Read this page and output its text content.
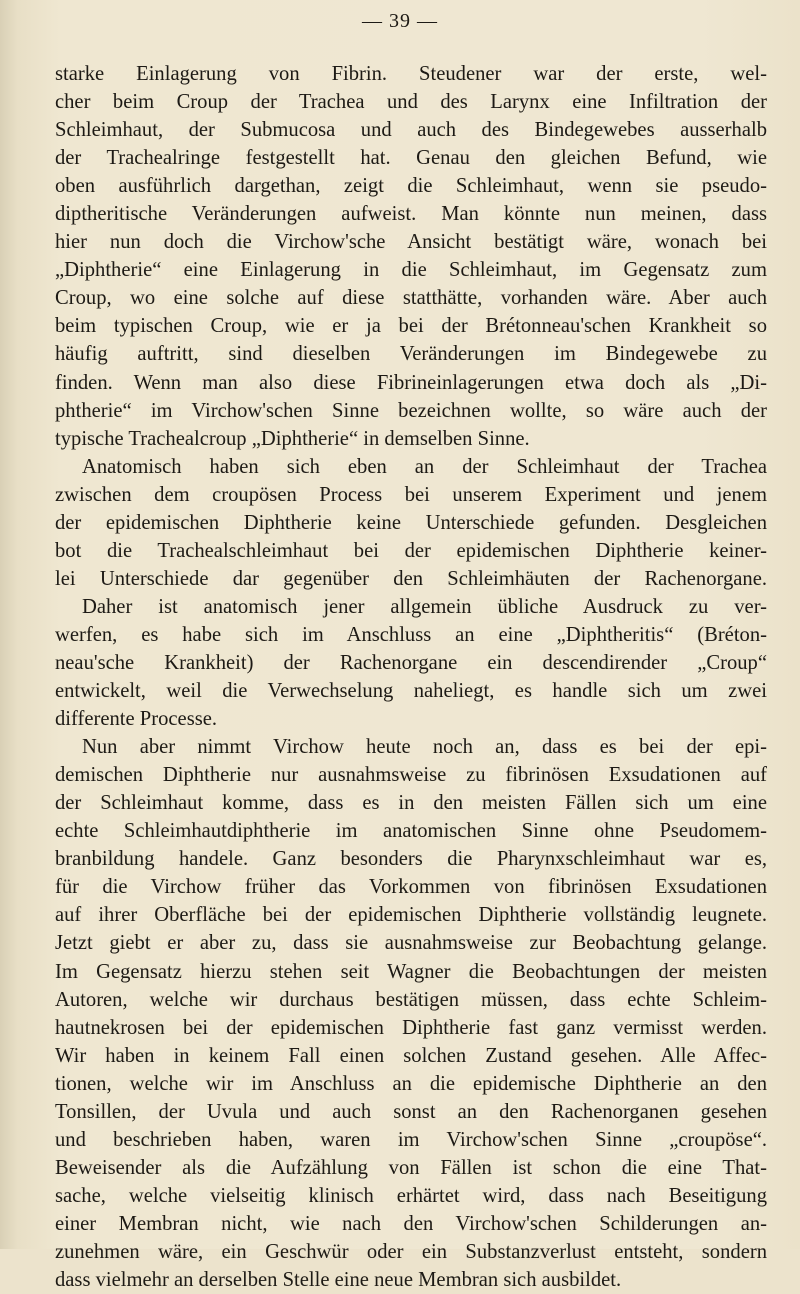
— 39 —
starke Einlagerung von Fibrin. Steudener war der erste, wel-
cher beim Croup der Trachea und des Larynx eine Infiltration der
Schleimhaut, der Submucosa und auch des Bindegewebes ausserhalb
der Trachealringe festgestellt hat. Genau den gleichen Befund, wie
oben ausführlich dargethan, zeigt die Schleimhaut, wenn sie pseudo-
diptheritische Veränderungen aufweist. Man könnte nun meinen, dass
hier nun doch die Virchow'sche Ansicht bestätigt wäre, wonach bei
„Diphtherie“ eine Einlagerung in die Schleimhaut, im Gegensatz zum
Croup, wo eine solche auf diese statthätte, vorhanden wäre. Aber auch
beim typischen Croup, wie er ja bei der Brétonneau'schen Krankheit so
häufig auftritt, sind dieselben Veränderungen im Bindegewebe zu
finden. Wenn man also diese Fibrineinlagerungen etwa doch als „Di-
phtherie“ im Virchow'schen Sinne bezeichnen wollte, so wäre auch der
typische Trachealcroup „Diphtherie“ in demselben Sinne.
Anatomisch haben sich eben an der Schleimhaut der Trachea
zwischen dem croupösen Process bei unserem Experiment und jenem
der epidemischen Diphtherie keine Unterschiede gefunden. Desgleichen
bot die Trachealschleimhaut bei der epidemischen Diphtherie keiner-
lei Unterschiede dar gegenüber den Schleimhäuten der Rachenorgane.
Daher ist anatomisch jener allgemein übliche Ausdruck zu ver-
werfen, es habe sich im Anschluss an eine „Diphtheritis“ (Bréton-
neau'sche Krankheit) der Rachenorgane ein descendirender „Croup“
entwickelt, weil die Verwechselung naheliegt, es handle sich um zwei
differente Processe.
Nun aber nimmt Virchow heute noch an, dass es bei der epi-
demischen Diphtherie nur ausnahmsweise zu fibrinösen Exsudationen auf
der Schleimhaut komme, dass es in den meisten Fällen sich um eine
echte Schleimhautdiphtherie im anatomischen Sinne ohne Pseudomem-
branbildung handele. Ganz besonders die Pharynxschleimhaut war es,
für die Virchow früher das Vorkommen von fibrinösen Exsudationen
auf ihrer Oberfläche bei der epidemischen Diphtherie vollständig leugnete.
Jetzt giebt er aber zu, dass sie ausnahmsweise zur Beobachtung gelange.
Im Gegensatz hierzu stehen seit Wagner die Beobachtungen der meisten
Autoren, welche wir durchaus bestätigen müssen, dass echte Schleim-
hautnekrosen bei der epidemischen Diphtherie fast ganz vermisst werden.
Wir haben in keinem Fall einen solchen Zustand gesehen. Alle Affec-
tionen, welche wir im Anschluss an die epidemische Diphtherie an den
Tonsillen, der Uvula und auch sonst an den Rachenorganen gesehen
und beschrieben haben, waren im Virchow'schen Sinne „croupöse“.
Beweisender als die Aufzählung von Fällen ist schon die eine That-
sache, welche vielseitig klinisch erhärtet wird, dass nach Beseitigung
einer Membran nicht, wie nach den Virchow'schen Schilderungen an-
zunehmen wäre, ein Geschwür oder ein Substanzverlust entsteht, sondern
dass vielmehr an derselben Stelle eine neue Membran sich ausbildet.
